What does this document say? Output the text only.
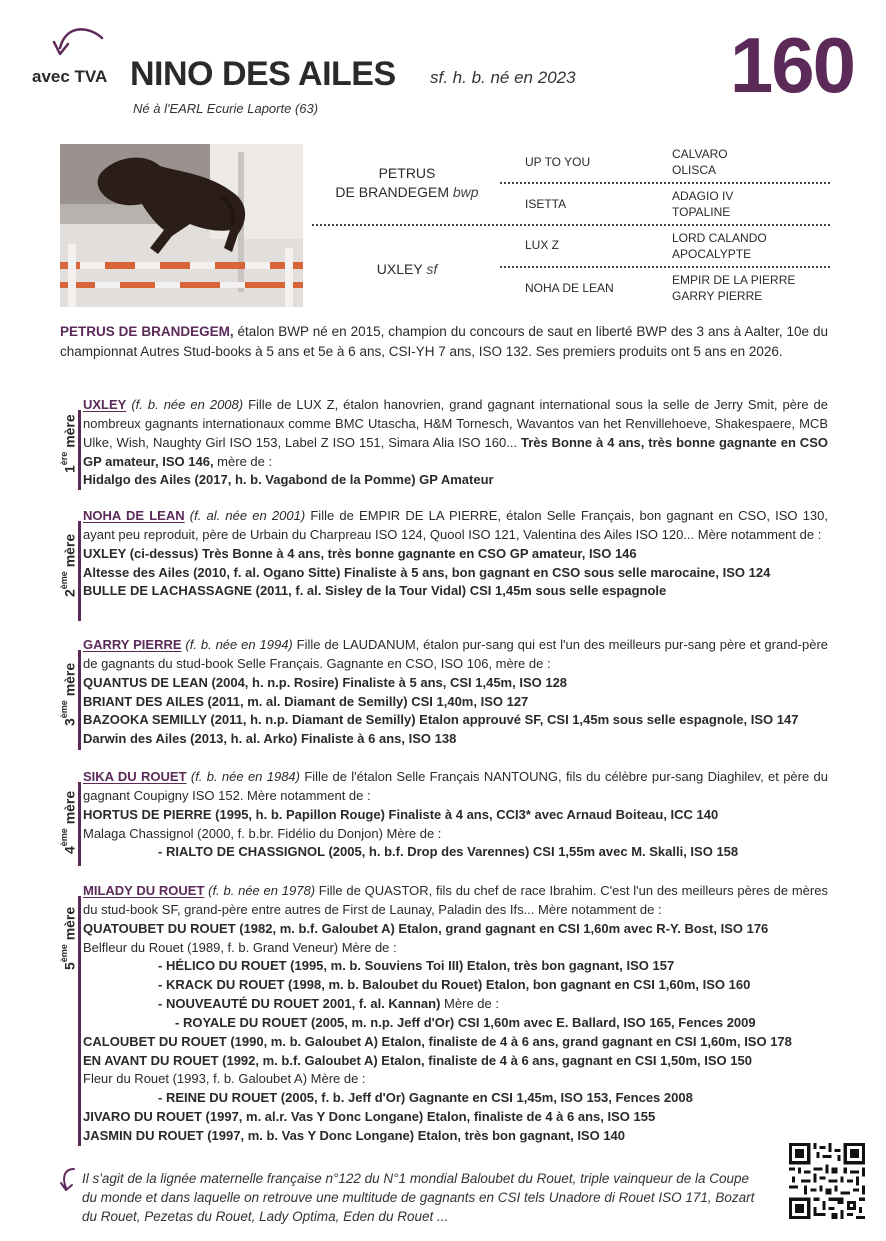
avec TVA NINO DES AILES sf. h. b. né en 2023
Né à l'EARL Ecurie Laporte (63)	160
PETRUS
DE BRANDEGEM bwp
UXLEY sf
UP TO YOU
ISETTA
LUX Z
NOHA DE LEAN
CALVARO
OLISCA
ADAGIO IV
TOPALINE
LORD CALANDO
APOCALYPTE
EMPIR DE LA PIERRE
GARRY PIERRE
PETRUS DE BRANDEGEM, étalon BWP né en 2015, champion du concours de saut en liberté BWP des 3 ans à Aalter, 10e du championnat Autres Stud-books à 5 ans et 5e à 6 ans, CSI-YH 7 ans, ISO 132. Ses premiers produits ont 5 ans en 2026.
1ère mère
UXLEY (f. b. née en 2008) Fille de LUX Z, étalon hanovrien, grand gagnant international sous la selle de Jerry Smit, père de nombreux gagnants internationaux comme BMC Utascha, H&M Tornesch, Wavantos van het Renvillehoeve, Shakespaere, MCB Ulke, Wish, Naughty Girl ISO 153, Label Z ISO 151, Simara Alia ISO 160... Très Bonne à 4 ans, très bonne gagnante en CSO GP amateur, ISO 146, mère de :
Hidalgo des Ailes (2017, h. b. Vagabond de la Pomme) GP Amateur
2ème mère
NOHA DE LEAN (f. al. née en 2001) Fille de EMPIR DE LA PIERRE, étalon Selle Français, bon gagnant en CSO, ISO 130, ayant peu reproduit, père de Urbain du Charpreau ISO 124, Quool ISO 121, Valentina des Ailes ISO 120... Mère notamment de :
UXLEY (ci-dessus) Très Bonne à 4 ans, très bonne gagnante en CSO GP amateur, ISO 146
Altesse des Ailes (2010, f. al. Ogano Sitte) Finaliste à 5 ans, bon gagnant en CSO sous selle marocaine, ISO 124
BULLE DE LACHASSAGNE (2011, f. al. Sisley de la Tour Vidal) CSI 1,45m sous selle espagnole
3ème mère
GARRY PIERRE (f. b. née en 1994) Fille de LAUDANUM, étalon pur-sang qui est l'un des meilleurs pur-sang père et grand-père de gagnants du stud-book Selle Français. Gagnante en CSO, ISO 106, mère de :
QUANTUS DE LEAN (2004, h. n.p. Rosire) Finaliste à 5 ans, CSI 1,45m, ISO 128
BRIANT DES AILES (2011, m. al. Diamant de Semilly) CSI 1,40m, ISO 127
BAZOOKA SEMILLY (2011, h. n.p. Diamant de Semilly) Etalon approuvé SF, CSI 1,45m sous selle espagnole, ISO 147
Darwin des Ailes (2013, h. al. Arko) Finaliste à 6 ans, ISO 138
4ème mère
SIKA DU ROUET (f. b. née en 1984) Fille de l'étalon Selle Français NANTOUNG, fils du célèbre pur-sang Diaghilev, et père du gagnant Coupigny ISO 152. Mère notamment de :
HORTUS DE PIERRE (1995, h. b. Papillon Rouge) Finaliste à 4 ans, CCI3* avec Arnaud Boiteau, ICC 140
Malaga Chassignol (2000, f. b.br. Fidélio du Donjon) Mère de :
- RIALTO DE CHASSIGNOL (2005, h. b.f. Drop des Varennes) CSI 1,55m avec M. Skalli, ISO 158
5ème mère
MILADY DU ROUET (f. b. née en 1978) Fille de QUASTOR, fils du chef de race Ibrahim. C'est l'un des meilleurs pères de mères du stud-book SF, grand-père entre autres de First de Launay, Paladin des Ifs... Mère notamment de :
QUATOUBET DU ROUET (1982, m. b.f. Galoubet A) Etalon, grand gagnant en CSI 1,60m avec R-Y. Bost, ISO 176
Belfleur du Rouet (1989, f. b. Grand Veneur) Mère de :
- HÉLICO DU ROUET (1995, m. b. Souviens Toi III) Etalon, très bon gagnant, ISO 157
- KRACK DU ROUET (1998, m. b. Baloubet du Rouet) Etalon, bon gagnant en CSI 1,60m, ISO 160
- NOUVEAUTÉ DU ROUET 2001, f. al. Kannan) Mère de :
- ROYALE DU ROUET (2005, m. n.p. Jeff d'Or) CSI 1,60m avec E. Ballard, ISO 165, Fences 2009
CALOUBET DU ROUET (1990, m. b. Galoubet A) Etalon, finaliste de 4 à 6 ans, grand gagnant en CSI 1,60m, ISO 178
EN AVANT DU ROUET (1992, m. b.f. Galoubet A) Etalon, finaliste de 4 à 6 ans, gagnant en CSI 1,50m, ISO 150
Fleur du Rouet (1993, f. b. Galoubet A) Mère de :
- REINE DU ROUET (2005, f. b. Jeff d'Or) Gagnante en CSI 1,45m, ISO 153, Fences 2008
JIVARO DU ROUET (1997, m. al.r. Vas Y Donc Longane) Etalon, finaliste de 4 à 6 ans, ISO 155
JASMIN DU ROUET (1997, m. b. Vas Y Donc Longane) Etalon, très bon gagnant, ISO 140
Il s'agit de la lignée maternelle française n°122 du N°1 mondial Baloubet du Rouet, triple vainqueur de la Coupe du monde et dans laquelle on retrouve une multitude de gagnants en CSI tels Unadore di Rouet ISO 171, Bozart du Rouet, Pezetas du Rouet, Lady Optima, Eden du Rouet ...
